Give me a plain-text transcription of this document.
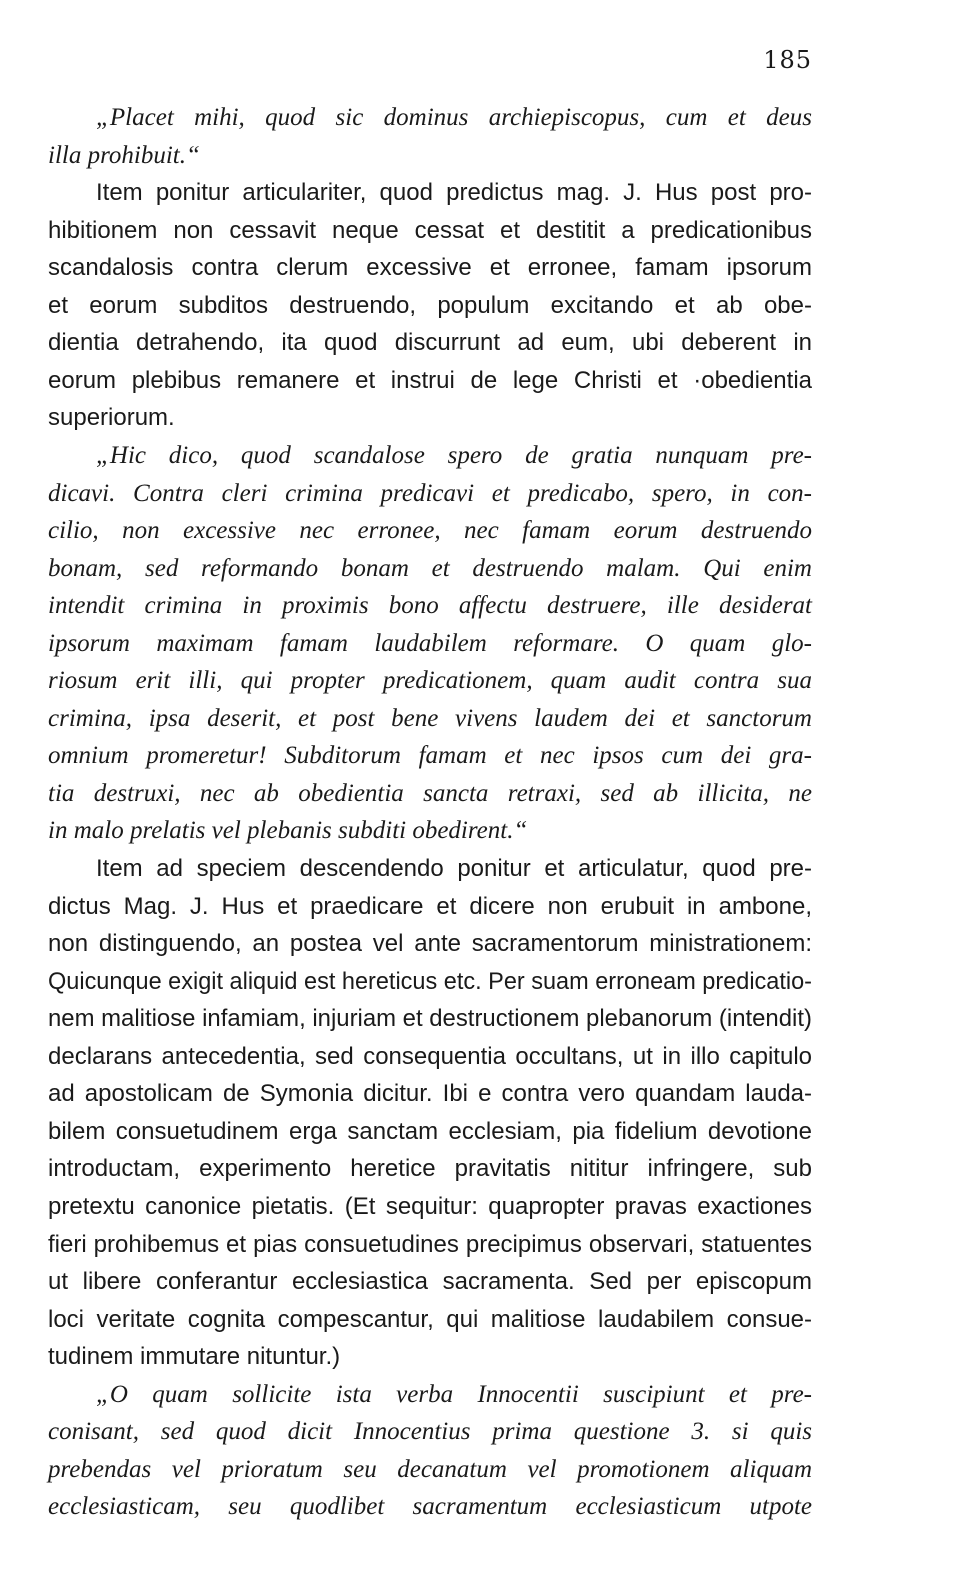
185
„Placet mihi, quod sic dominus archiepiscopus, cum et deus
illa prohibuit.“
Item ponitur articulariter, quod predictus mag. J. Hus post pro-
hibitionem non cessavit neque cessat et destitit a predicationibus
scandalosis contra clerum excessive et erronee, famam ipsorum
et eorum subditos destruendo, populum excitando et ab obe-
dientia detrahendo, ita quod discurrunt ad eum, ubi deberent in
eorum plebibus remanere et instrui de lege Christi et ·obedientia
superiorum.
„Hic dico, quod scandalose spero de gratia nunquam pre-
dicavi. Contra cleri crimina predicavi et predicabo, spero, in con-
cilio, non excessive nec erronee, nec famam eorum destruendo
bonam, sed reformando bonam et destruendo malam. Qui enim
intendit crimina in proximis bono affectu destruere, ille desiderat
ipsorum maximam famam laudabilem reformare. O quam glo-
riosum erit illi, qui propter predicationem, quam audit contra sua
crimina, ipsa deserit, et post bene vivens laudem dei et sanctorum
omnium promeretur! Subditorum famam et nec ipsos cum dei gra-
tia destruxi, nec ab obedientia sancta retraxi, sed ab illicita, ne
in malo prelatis vel plebanis subditi obedirent.“
Item ad speciem descendendo ponitur et articulatur, quod pre-
dictus Mag. J. Hus et praedicare et dicere non erubuit in ambone,
non distinguendo, an postea vel ante sacramentorum ministrationem:
Quicunque exigit aliquid est hereticus etc. Per suam erroneam predicatio-
nem malitiose infamiam, injuriam et destructionem plebanorum (intendit)
declarans antecedentia, sed consequentia occultans, ut in illo capitulo
ad apostolicam de Symonia dicitur. Ibi e contra vero quandam lauda-
bilem consuetudinem erga sanctam ecclesiam, pia fidelium devotione
introductam, experimento heretice pravitatis nititur infringere, sub
pretextu canonice pietatis. (Et sequitur: quapropter pravas exactiones
fieri prohibemus et pias consuetudines precipimus observari, statuentes
ut libere conferantur ecclesiastica sacramenta. Sed per episcopum
loci veritate cognita compescantur, qui malitiose laudabilem consue-
tudinem immutare nituntur.)
„O quam sollicite ista verba Innocentii suscipiunt et pre-
conisant, sed quod dicit Innocentius prima questione 3. si quis
prebendas vel prioratum seu decanatum vel promotionem aliquam
ecclesiasticam, seu quodlibet sacramentum ecclesiasticum utpote
